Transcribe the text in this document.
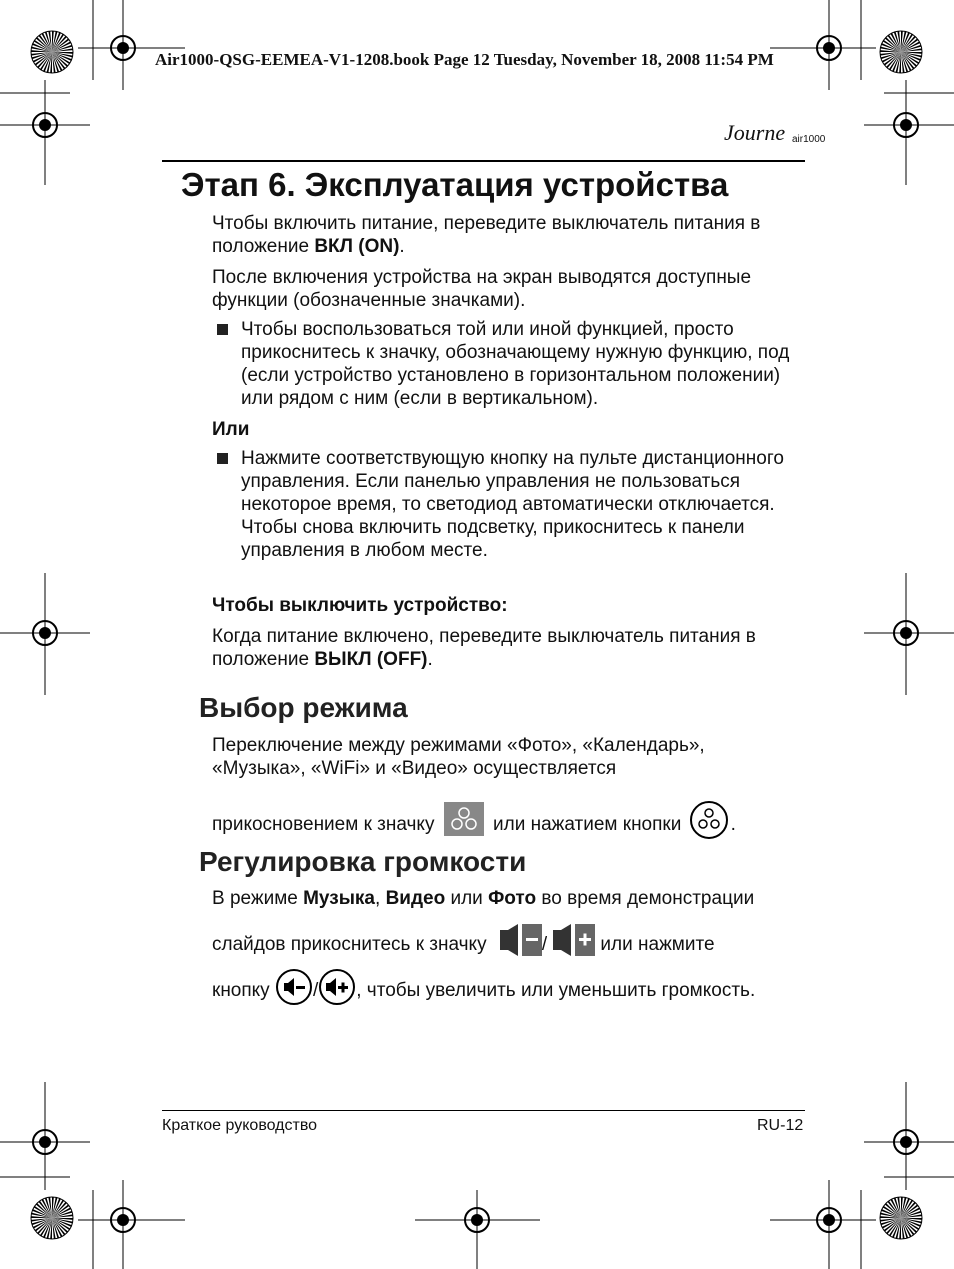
Air1000-QSG-EEMEA-V1-1208.book Page 12 Tuesday, November 18, 2008 11:54 PM
Journe air1000
Этап 6. Эксплуатация устройства
Чтобы включить питание, переведите выключатель питания в положение ВКЛ (ON).
После включения устройства на экран выводятся доступные функции (обозначенные значками).
Чтобы воспользоваться той или иной функцией, просто прикоснитесь к значку, обозначающему нужную функцию, под (если устройство установлено в горизонтальном положении) или рядом с ним (если в вертикальном).
Или
Нажмите соответствующую кнопку на пульте дистанционного управления. Если панелью управления не пользоваться некоторое время, то светодиод автоматически отключается. Чтобы снова включить подсветку, прикоснитесь к панели управления в любом месте.
Чтобы выключить устройство:
Когда питание включено, переведите выключатель питания в положение ВЫКЛ (OFF).
Выбор режима
Переключение между режимами «Фото», «Календарь», «Музыка», «WiFi» и «Видео» осуществляется
прикосновением к значку	или нажатием кнопки	.
Регулировка громкости
В режиме Музыка, Видео или Фото во время демонстрации
слайдов прикоснитесь к значку	/	или нажмите
кнопку / , чтобы увеличить или уменьшить громкость.
Краткое руководство	RU-12
